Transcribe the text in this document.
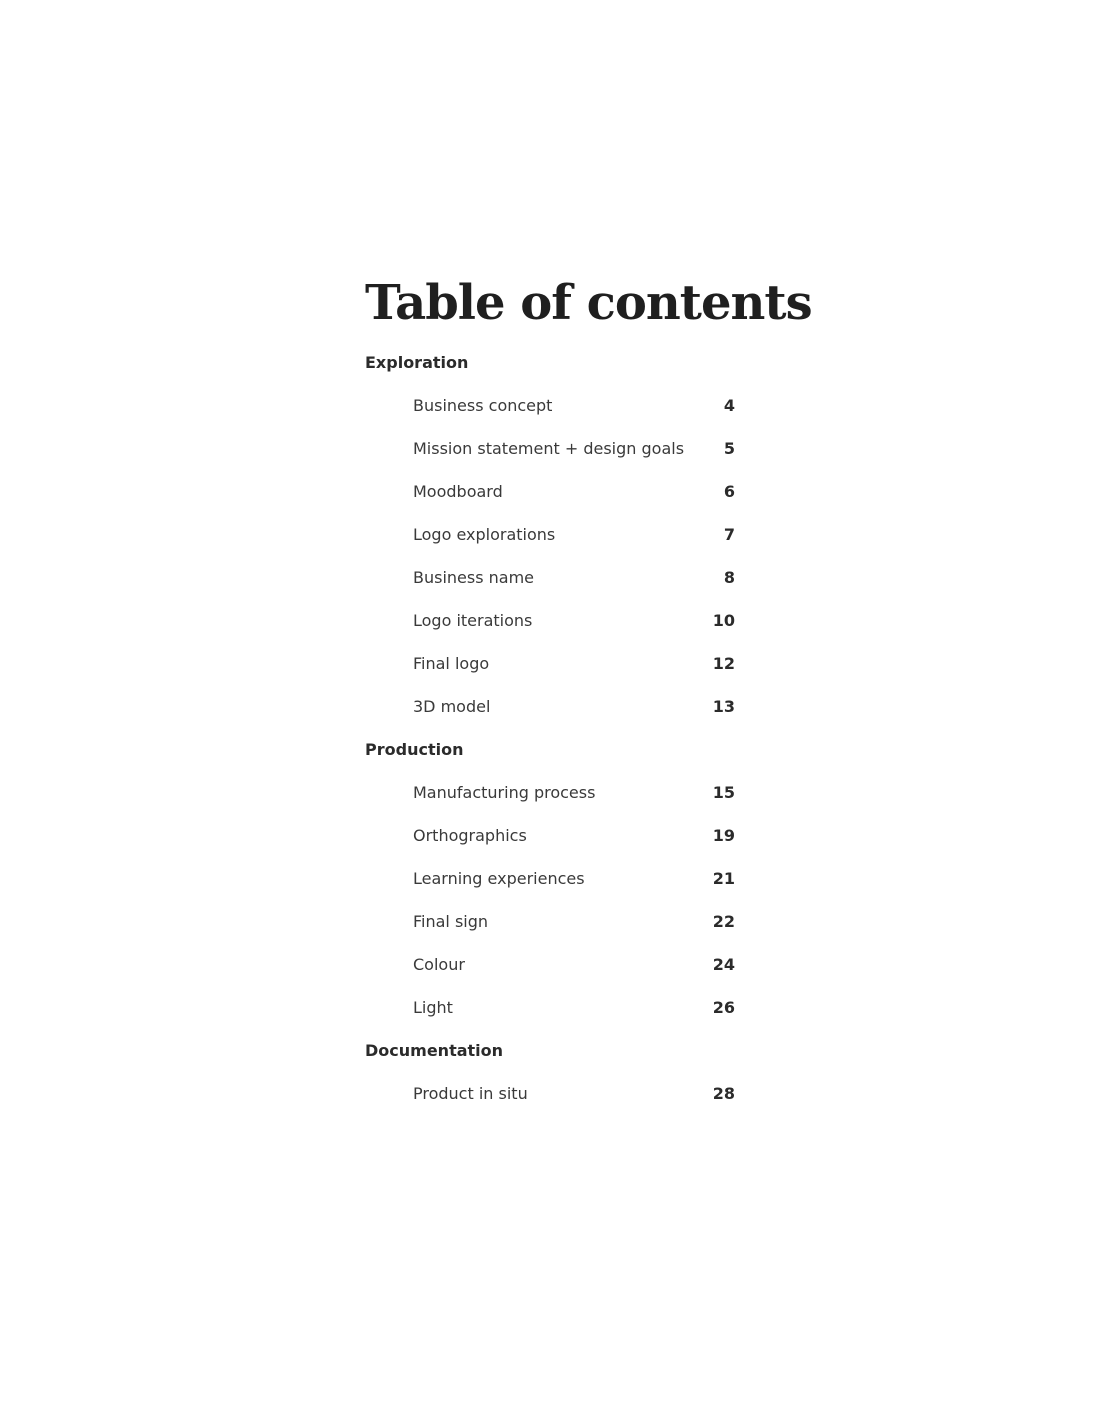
Table of contents
Exploration
Business concept	4
Mission statement + design goals 5
Moodboard	6
Logo explorations	7
Business name	8
Logo iterations	10
Final logo	12
3D model	13
Production
Manufacturing process	15
Orthographics	19
Learning experiences	21
Final sign	22
Colour	24
Light	26
Documentation
Product in situ	28
